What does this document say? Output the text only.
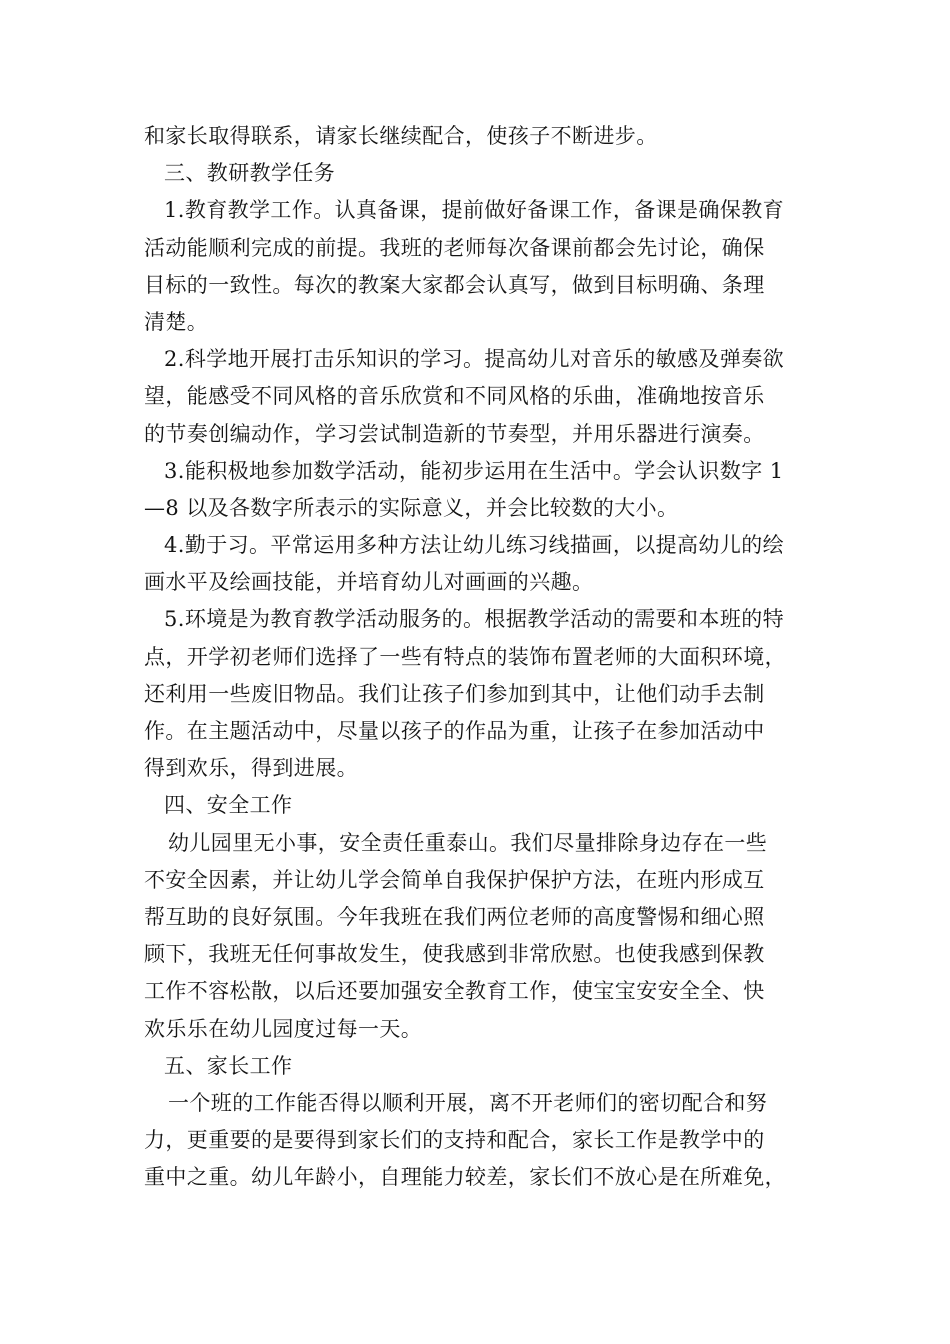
和家长取得联系，请家长继续配合，使孩子不断进步。
三、教研教学任务
1.教育教学工作。认真备课，提前做好备课工作，备课是确保教育
活动能顺利完成的前提。我班的老师每次备课前都会先讨论，确保
目标的一致性。每次的教案大家都会认真写，做到目标明确、条理
清楚。
2.科学地开展打击乐知识的学习。提高幼儿对音乐的敏感及弹奏欲
望，能感受不同风格的音乐欣赏和不同风格的乐曲，准确地按音乐
的节奏创编动作，学习尝试制造新的节奏型，并用乐器进行演奏。
3.能积极地参加数学活动，能初步运用在生活中。学会认识数字 1
—8 以及各数字所表示的实际意义，并会比较数的大小。
4.勤于习。平常运用多种方法让幼儿练习线描画，以提高幼儿的绘
画水平及绘画技能，并培育幼儿对画画的兴趣。
5.环境是为教育教学活动服务的。根据教学活动的需要和本班的特
点，开学初老师们选择了一些有特点的装饰布置老师的大面积环境，
还利用一些废旧物品。我们让孩子们参加到其中，让他们动手去制
作。在主题活动中，尽量以孩子的作品为重，让孩子在参加活动中
得到欢乐，得到进展。
四、安全工作
幼儿园里无小事，安全责任重泰山。我们尽量排除身边存在一些
不安全因素，并让幼儿学会简单自我保护保护方法，在班内形成互
帮互助的良好氛围。今年我班在我们两位老师的高度警惕和细心照
顾下，我班无任何事故发生，使我感到非常欣慰。也使我感到保教
工作不容松散，以后还要加强安全教育工作，使宝宝安安全全、快
欢乐乐在幼儿园度过每一天。
五、家长工作
一个班的工作能否得以顺利开展，离不开老师们的密切配合和努
力，更重要的是要得到家长们的支持和配合，家长工作是教学中的
重中之重。幼儿年龄小，自理能力较差，家长们不放心是在所难免，
